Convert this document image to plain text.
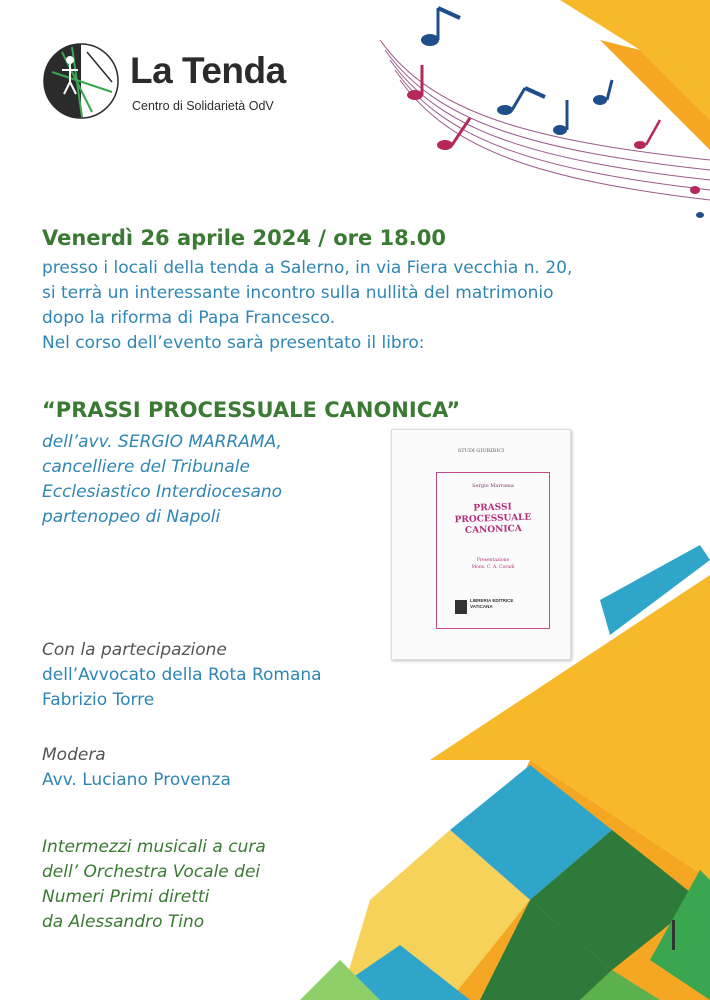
La Tenda
Centro di Solidarietà OdV
Venerdì 26 aprile 2024 / ore 18.00
presso i locali della tenda a Salerno, in via Fiera vecchia n. 20,
si terrà un interessante incontro sulla nullità del matrimonio
dopo la riforma di Papa Francesco.
Nel corso dell’evento sarà presentato il libro:
“PRASSI PROCESSUALE CANONICA”
dell’avv. SERGIO MARRAMA,
cancelliere del Tribunale
Ecclesiastico Interdiocesano
partenopeo di Napoli
STUDI GIURIDICI
Sergio Marrama
PRASSI PROCESSUALE CANONICA
Presentazione
Mons. C. A. Coradi
LIBRERIA EDITRICE VATICANA
Con la partecipazione
dell’Avvocato della Rota Romana
Fabrizio Torre
Modera
Avv. Luciano Provenza
Intermezzi musicali a cura
dell’ Orchestra Vocale dei
Numeri Primi diretti
da Alessandro Tino
